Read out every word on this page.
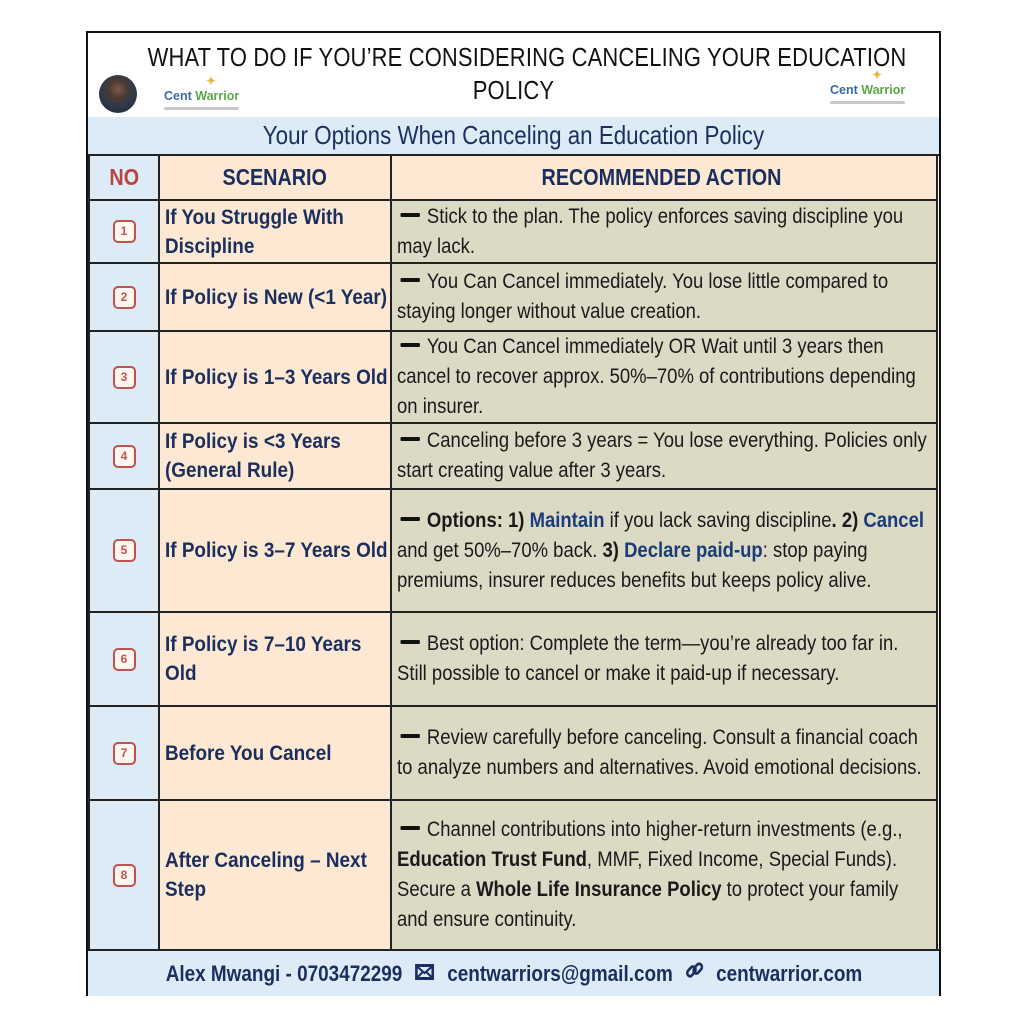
✦
Cent Warrior
WHAT TO DO IF YOU’RE CONSIDERING CANCELING YOUR EDUCATION
POLICY
✦
Cent Warrior
Your Options When Canceling an Education Policy
NO	SCENARIO	RECOMMENDED ACTION
1	If You Struggle With Discipline	Stick to the plan. The policy enforces saving discipline you may lack.

2	If Policy is New (<1 Year)	You Can Cancel immediately. You lose little compared to staying longer without value creation.

3	If Policy is 1–3 Years Old	You Can Cancel immediately OR Wait until 3 years then cancel to recover approx. 50%–70% of contributions depending on insurer.

4	If Policy is <3 Years (General Rule)	Canceling before 3 years = You lose everything. Policies only start creating value after 3 years.

5	If Policy is 3–7 Years Old	Options: 1) Maintain if you lack saving discipline. 2) Cancel and get 50%–70% back. 3) Declare paid-up: stop paying premiums, insurer reduces benefits but keeps policy alive.

6	If Policy is 7–10 Years Old	Best option: Complete the term—you’re already too far in. Still possible to cancel or make it paid-up if necessary.

7	Before You Cancel	Review carefully before canceling. Consult a financial coach to analyze numbers and alternatives. Avoid emotional decisions.

8	After Canceling – Next Step	Channel contributions into higher-return investments (e.g., Education Trust Fund, MMF, Fixed Income, Special Funds). Secure a Whole Life Insurance Policy to protect your family and ensure continuity.
Alex Mwangi - 0703472299 centwarriors@gmail.com centwarrior.com
